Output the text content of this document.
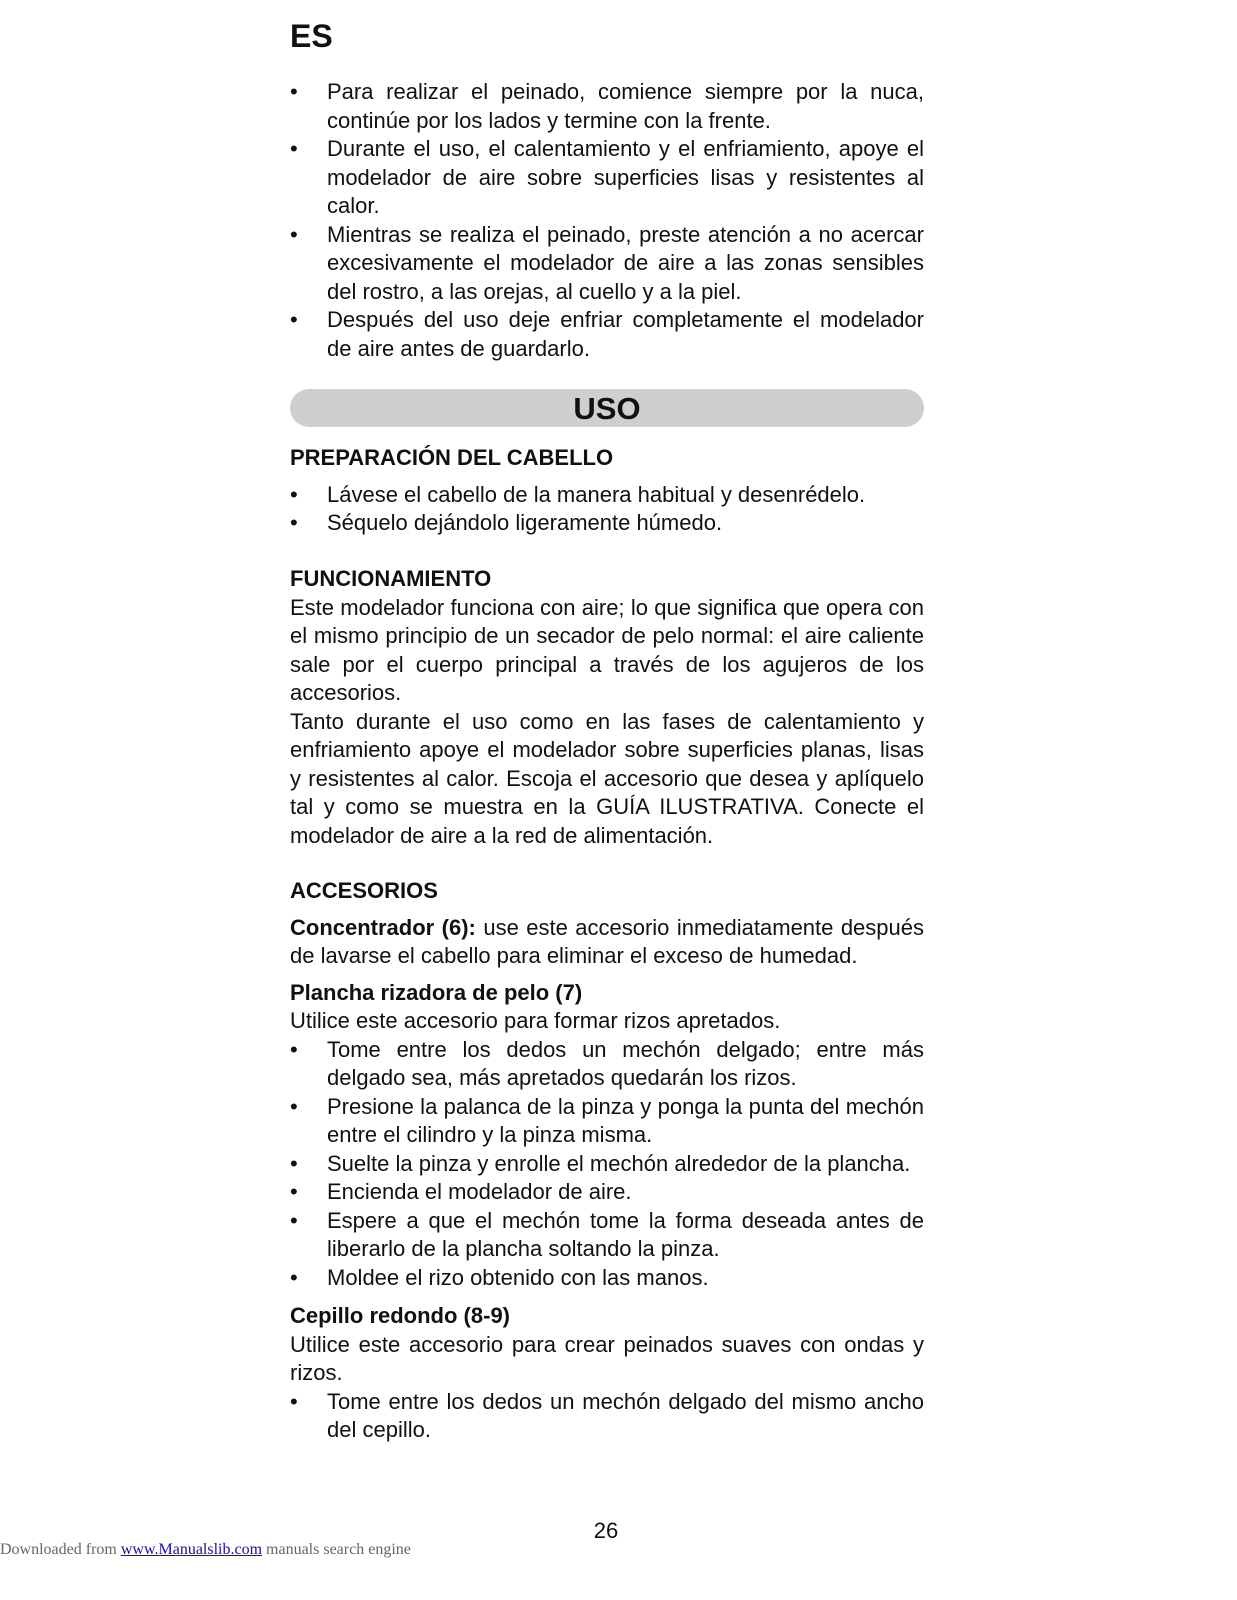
ES
• Para realizar el peinado, comience siempre por la nuca, continúe por los lados y termine con la frente.
• Durante el uso, el calentamiento y el enfriamiento, apoye el modelador de aire sobre superficies lisas y resistentes al calor.
• Mientras se realiza el peinado, preste atención a no acercar excesivamente el modelador de aire a las zonas sensibles del rostro, a las orejas, al cuello y a la piel.
• Después del uso deje enfriar completamente el modelador de aire antes de guardarlo.
USO
PREPARACIÓN DEL CABELLO
• Lávese el cabello de la manera habitual y desenrédelo.
• Séquelo dejándolo ligeramente húmedo.
FUNCIONAMIENTO

Este modelador funciona con aire; lo que significa que opera con el mismo principio de un secador de pelo normal: el aire caliente sale por el cuerpo principal a través de los agujeros de los accesorios.

Tanto durante el uso como en las fases de calentamiento y enfriamiento apoye el modelador sobre superficies planas, lisas y resistentes al calor. Escoja el accesorio que desea y aplíquelo tal y como se muestra en la GUÍA ILUSTRATIVA. Conecte el modelador de aire a la red de alimentación.

ACCESORIOS

Concentrador (6): use este accesorio inmediatamente después de lavarse el cabello para eliminar el exceso de humedad.

Plancha rizadora de pelo (7)

Utilice este accesorio para formar rizos apretados.

• Tome entre los dedos un mechón delgado; entre más delgado sea, más apretados quedarán los rizos.
• Presione la palanca de la pinza y ponga la punta del mechón entre el cilindro y la pinza misma.
• Suelte la pinza y enrolle el mechón alrededor de la plancha.
• Encienda el modelador de aire.
• Espere a que el mechón tome la forma deseada antes de liberarlo de la plancha soltando la pinza.
• Moldee el rizo obtenido con las manos.
Cepillo redondo (8-9)

Utilice este accesorio para crear peinados suaves con ondas y rizos.

• Tome entre los dedos un mechón delgado del mismo ancho del cepillo.
26
Downloaded from www.Manualslib.com manuals search engine
